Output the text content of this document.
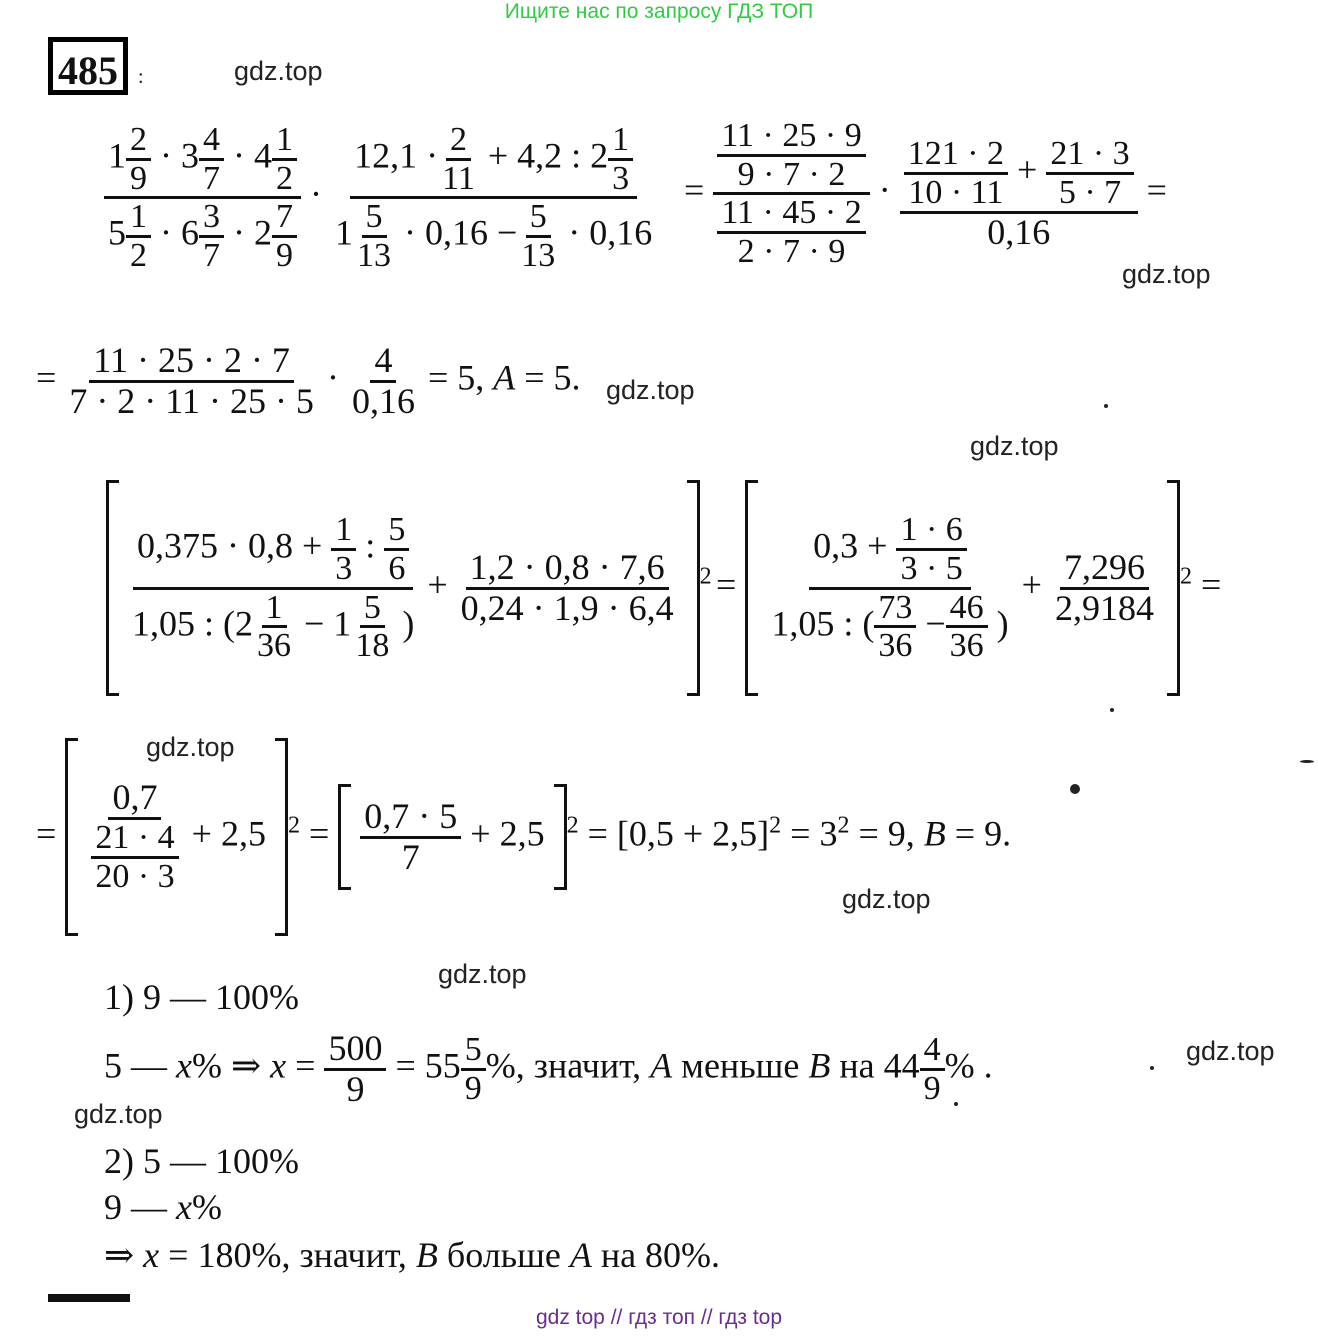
Ищите нас по запросу ГДЗ ТОП
485	:	gdz.top
gdz.top
gdz.top
gdz.top
gdz.top
gdz.top
gdz.top
gdz.top
gdz.top
$\frac{1 \frac{2}{9} \cdot 3 \frac{4}{7} \cdot 4 \frac{1}{2}}{5 \frac{1}{2} \cdot 6 \frac{3}{7} \cdot 2 \frac{7}{9}} \cdot \frac{12,1 \cdot \frac{2}{11} + 4,2 : 2 \frac{1}{3}}{1 \frac{5}{13} \cdot 0,16 - \frac{5}{13} \cdot 0,16} = \frac{\frac{11 \cdot 25 \cdot 9}{9 \cdot 7 \cdot 2}}{\frac{11 \cdot 45 \cdot 2}{2 \cdot 7 \cdot 9}} \cdot \frac{\frac{121 \cdot 2}{10 \cdot 11} + \frac{21 \cdot 3}{5 \cdot 7}}{0,16}$ =
= $\frac{11 \cdot 25 \cdot 2 \cdot 7}{7 \cdot 2 \cdot 11 \cdot 25 \cdot 5} \cdot \frac{4}{0,16} = 5$, A = 5.

$\frac{0,375 \cdot 0,8 + \frac{1}{3} : \frac{5}{6}}{1,05 : (2 \frac{1}{36} - 1 \frac{5}{18} )} + \frac{1,2 \cdot 0,8 \cdot 7,6}{0,24 \cdot 1,9 \cdot 6,4} ^2 = \frac{0,3 + \frac{1 \cdot 6}{3 \cdot 5}}{1,05 : ( \frac{73}{36} - \frac{46}{36} )} + \frac{7,296}{2,9184} ^2$ =
= $\frac{0,7}{\frac{21 \cdot 4}{20 \cdot 3}} + 2,5$ $^2 = \frac{0,7 \cdot 5}{7} + 2,5$ $^2 = [0,5 + 2,5]^2 = 3^2 = 9$, B = 9.
1) 9 — 100%
5 — x% ⇒ $x = \frac{500}{9} = 55 \frac{5}{9}$ %, значит, A меньше B на $44 \frac{4}{9}$ % .
2) 5 — 100%
9 — x%
⇒ x = 180%, значит, B больше A на 80%.
gdz top // гдз топ // гдз top
